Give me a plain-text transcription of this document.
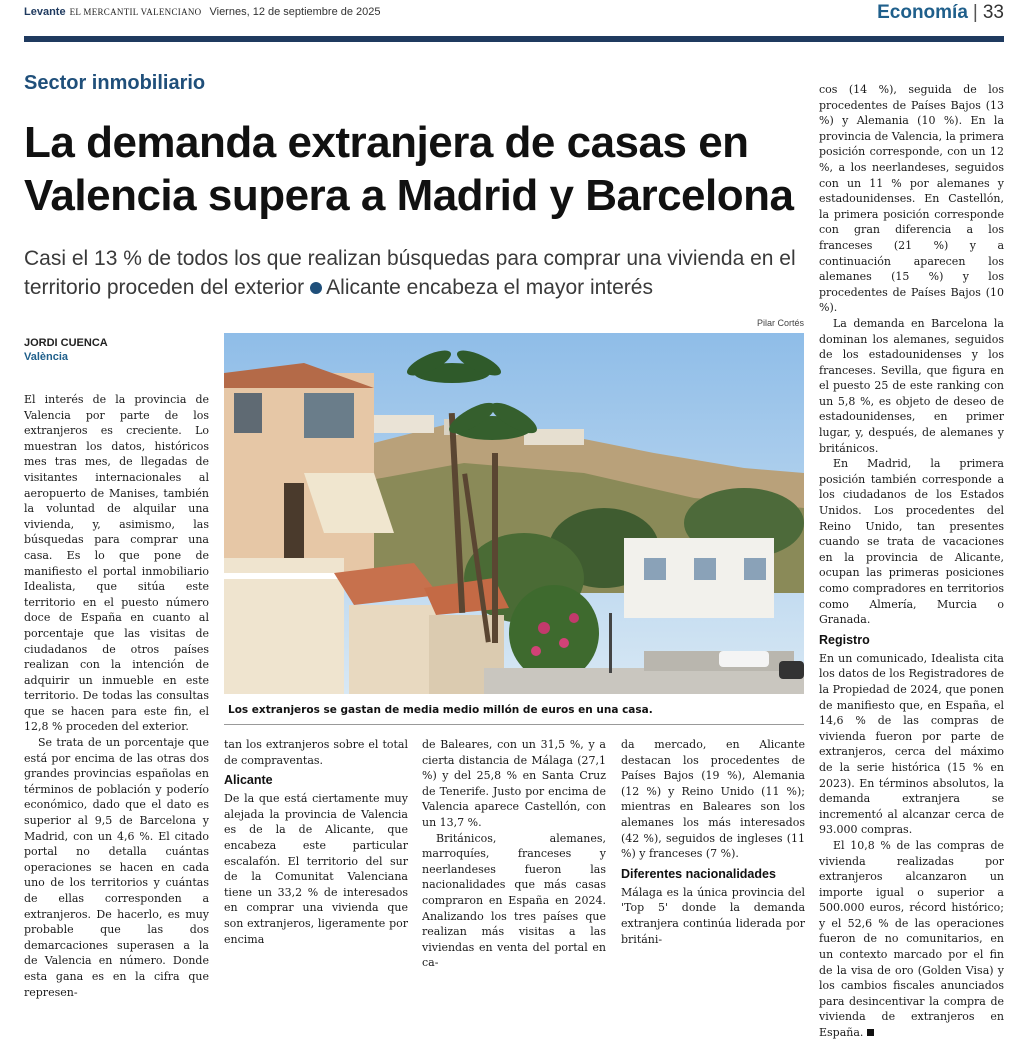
Levante EL MERCANTIL VALENCIANO Viernes, 12 de septiembre de 2025	Economía | 33
Sector inmobiliario
La demanda extranjera de casas en Valencia supera a Madrid y Barcelona
Casi el 13 % de todos los que realizan búsquedas para comprar una vivienda en el territorio proceden del exterior Alicante encabeza el mayor interés
JORDI CUENCA
València
Pilar Cortés
Los extranjeros se gastan de media medio millón de euros en una casa.

El interés de la provincia de Valencia por parte de los extranjeros es creciente. Lo muestran los datos, históricos mes tras mes, de llegadas de visitantes internacionales al aeropuerto de Manises, también la voluntad de alquilar una vivienda, y, asimismo, las búsquedas para comprar una casa. Es lo que pone de manifiesto el portal inmobiliario Idealista, que sitúa este territorio en el puesto número doce de España en cuanto al porcentaje que las visitas de ciudadanos de otros países realizan con la intención de adquirir un inmueble en este territorio. De todas las consultas que se hacen para este fin, el 12,8 % proceden del exterior.

Se trata de un porcentaje que está por encima de las otras dos grandes provincias españolas en términos de población y poderío económico, dado que el dato es superior al 9,5 de Barcelona y Madrid, con un 4,6 %. El citado portal no detalla cuántas operaciones se hacen en cada uno de los territorios y cuántas de ellas corresponden a extranjeros. De hacerlo, es muy probable que las dos demarcaciones superasen a la de Valencia en número. Donde esta gana es en la cifra que represen-

tan los extranjeros sobre el total de compraventas.

Alicante

De la que está ciertamente muy alejada la provincia de Valencia es de la de Alicante, que encabeza este particular escalafón. El territorio del sur de la Comunitat Valenciana tiene un 33,2 % de interesados en comprar una vivienda que son extranjeros, ligeramente por encima

de Baleares, con un 31,5 %, y a cierta distancia de Málaga (27,1 %) y del 25,8 % en Santa Cruz de Tenerife. Justo por encima de Valencia aparece Castellón, con un 13,7 %.

Británicos, alemanes, marroquíes, franceses y neerlandeses fueron las nacionalidades que más casas compraron en España en 2024. Analizando los tres países que realizan más visitas a las viviendas en venta del portal en ca-

da mercado, en Alicante destacan los procedentes de Países Bajos (19 %), Alemania (12 %) y Reino Unido (11 %); mientras en Baleares son los alemanes los más interesados (42 %), seguidos de ingleses (11 %) y franceses (7 %).

Diferentes nacionalidades

Málaga es la única provincia del 'Top 5' donde la demanda extranjera continúa liderada por británi-

cos (14 %), seguida de los procedentes de Países Bajos (13 %) y Alemania (10 %). En la provincia de Valencia, la primera posición corresponde, con un 12 %, a los neerlandeses, seguidos con un 11 % por alemanes y estadounidenses. En Castellón, la primera posición corresponde con gran diferencia a los franceses (21 %) y a continuación aparecen los alemanes (15 %) y los procedentes de Países Bajos (10 %).

La demanda en Barcelona la dominan los alemanes, seguidos de los estadounidenses y los franceses. Sevilla, que figura en el puesto 25 de este ranking con un 5,8 %, es objeto de deseo de estadounidenses, en primer lugar, y, después, de alemanes y británicos.

En Madrid, la primera posición también corresponde a los ciudadanos de los Estados Unidos. Los procedentes del Reino Unido, tan presentes cuando se trata de vacaciones en la provincia de Alicante, ocupan las primeras posiciones como compradores en territorios como Almería, Murcia o Granada.

Registro

En un comunicado, Idealista cita los datos de los Registradores de la Propiedad de 2024, que ponen de manifiesto que, en España, el 14,6 % de las compras de vivienda fueron por parte de extranjeros, cerca del máximo de la serie histórica (15 % en 2023). En términos absolutos, la demanda extranjera se incrementó al alcanzar cerca de 93.000 compras.

El 10,8 % de las compras de vivienda realizadas por extranjeros alcanzaron un importe igual o superior a 500.000 euros, récord histórico; y el 52,6 % de las operaciones fueron de no comunitarios, en un contexto marcado por el fin de la visa de oro (Golden Visa) y los cambios fiscales anunciados para desincentivar la compra de vivienda de extranjeros en España.
